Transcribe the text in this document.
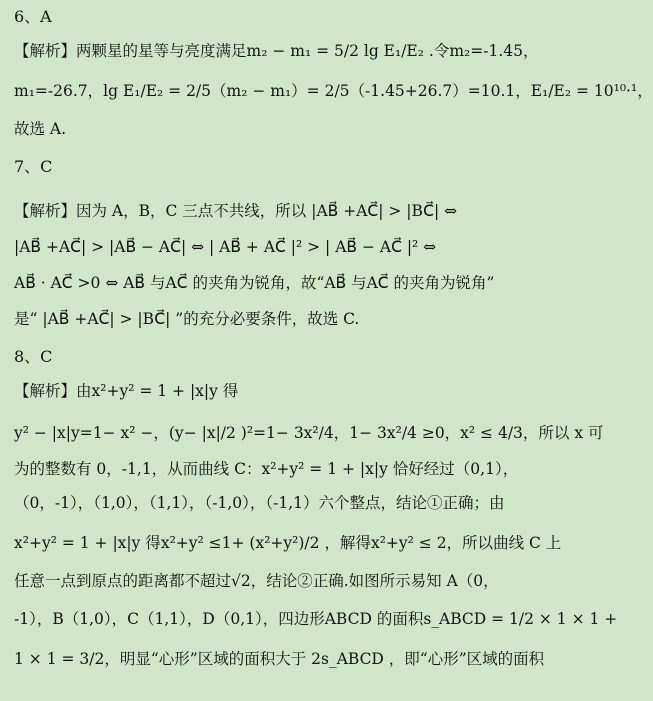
6、A
【解析】两颗星的星等与亮度满足m₂ − m₁ = 5/2 lg E₁/E₂ .令m₂=-1.45，
m₁=-26.7，lg E₁/E₂ = 2/5（m₂ − m₁）= 2/5（-1.45+26.7）=10.1，E₁/E₂ = 10¹⁰·¹，
故选 A.
7、C
【解析】因为 A，B，C 三点不共线，所以 |AB⃗ +AC⃗| > |BC⃗| ⇔
|AB⃗ +AC⃗| > |AB⃗ − AC⃗| ⇔ | AB⃗ + AC⃗ |² > | AB⃗ − AC⃗ |² ⇔
AB⃗ · AC⃗ >0 ⇔ AB⃗ 与AC⃗ 的夹角为锐角，故“AB⃗ 与AC⃗ 的夹角为锐角”
是“ |AB⃗ +AC⃗| > |BC⃗| ”的充分必要条件，故选 C.
8、C
【解析】由x²+y² = 1 + |x|y 得
y² − |x|y=1− x² −，(y− |x|/2 )²=1− 3x²/4，1− 3x²/4 ≥0，x² ≤ 4/3，所以 x 可
为的整数有 0，-1,1，从而曲线 C：x²+y² = 1 + |x|y 恰好经过（0,1），
（0，-1），（1,0），（1,1），（-1,0），（-1,1）六个整点，结论①正确；由
x²+y² = 1 + |x|y 得x²+y² ≤1+ (x²+y²)/2 ，解得x²+y² ≤ 2，所以曲线 C 上
任意一点到原点的距离都不超过√2，结论②正确.如图所示易知 A（0，
-1），B（1,0），C（1,1），D（0,1），四边形ABCD 的面积s_ABCD = 1/2 × 1 × 1 +
1 × 1 = 3/2，明显“心形”区域的面积大于 2s_ABCD ，即“心形”区域的面积
